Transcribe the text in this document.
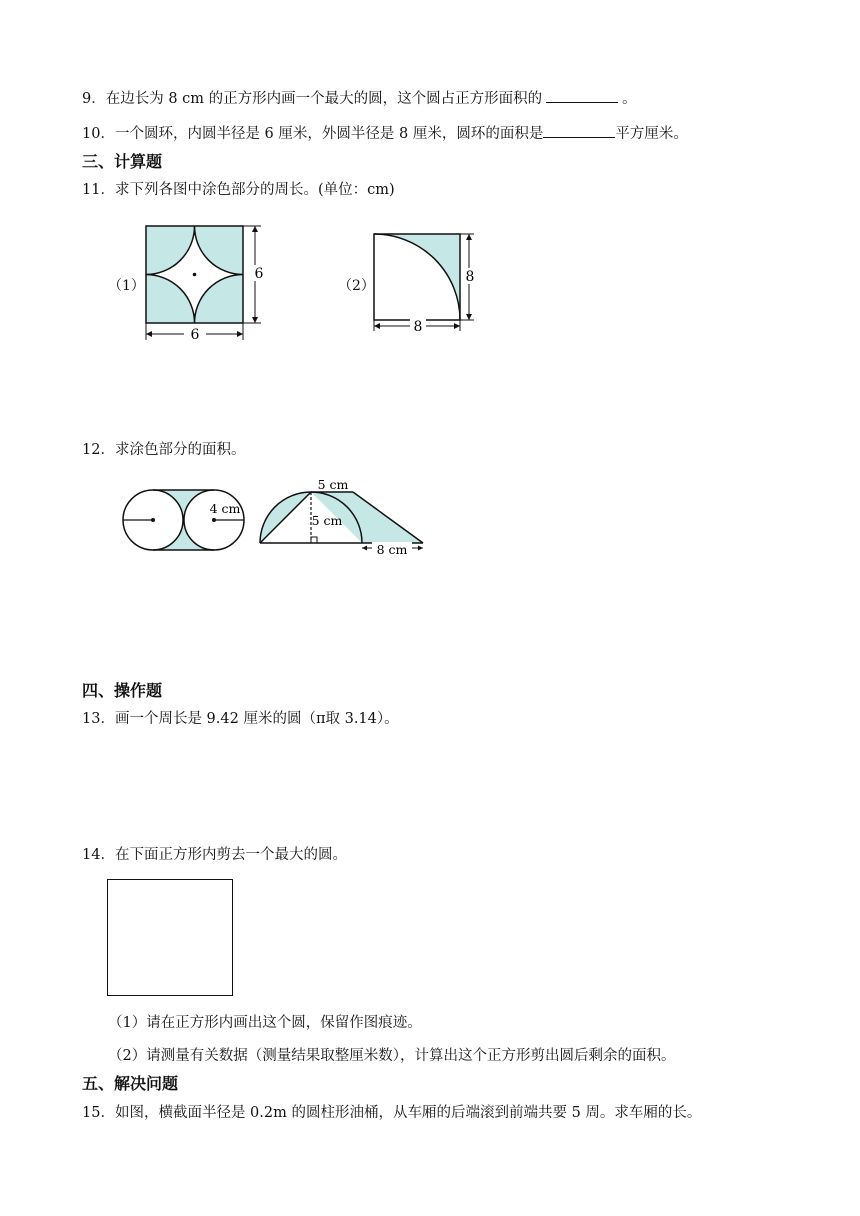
9．在边长为 8 cm 的正方形内画一个最大的圆，这个圆占正方形面积的	。
10．一个圆环，内圆半径是 6 厘米，外圆半径是 8 厘米，圆环的面积是	平方厘米。
三、计算题
11．求下列各图中涂色部分的周长。(单位：cm)
（1）
6
6
（2）
8
8
12．求涂色部分的面积。
4 cm
5 cm
5 cm
8 cm
四、操作题
13．画一个周长是 9.42 厘米的圆（π取 3.14）。
14．在下面正方形内剪去一个最大的圆。
（1）请在正方形内画出这个圆，保留作图痕迹。
（2）请测量有关数据（测量结果取整厘米数），计算出这个正方形剪出圆后剩余的面积。
五、解决问题
15．如图，横截面半径是 0.2m 的圆柱形油桶，从车厢的后端滚到前端共要 5 周。求车厢的长。
